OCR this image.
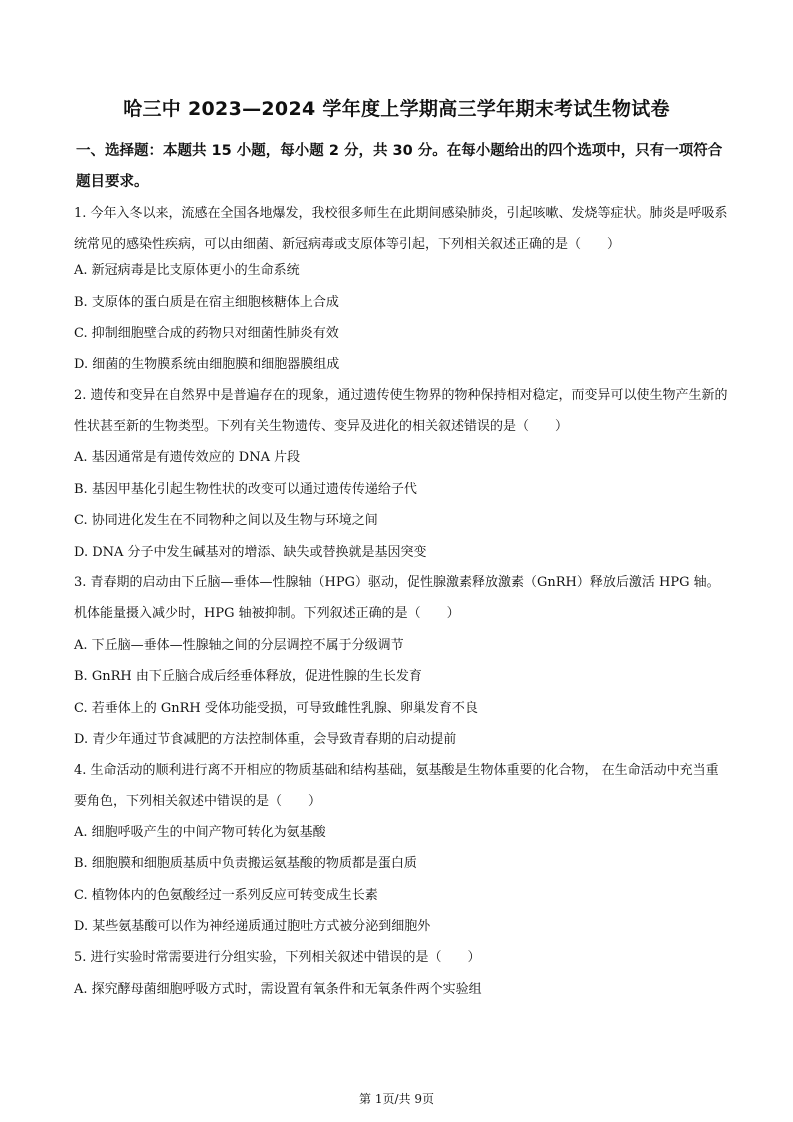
哈三中 2023—2024 学年度上学期高三学年期末考试生物试卷
一、选择题：本题共 15 小题，每小题 2 分，共 30 分。在每小题给出的四个选项中，只有一项符合题目要求。
1. 今年入冬以来，流感在全国各地爆发，我校很多师生在此期间感染肺炎，引起咳嗽、发烧等症状。肺炎是呼吸系统常见的感染性疾病，可以由细菌、新冠病毒或支原体等引起，下列相关叙述正确的是（　　）
A. 新冠病毒是比支原体更小的生命系统
B. 支原体的蛋白质是在宿主细胞核糖体上合成
C. 抑制细胞壁合成的药物只对细菌性肺炎有效
D. 细菌的生物膜系统由细胞膜和细胞器膜组成
2. 遗传和变异在自然界中是普遍存在的现象，通过遗传使生物界的物种保持相对稳定，而变异可以使生物产生新的性状甚至新的生物类型。下列有关生物遗传、变异及进化的相关叙述错误的是（　　）
A. 基因通常是有遗传效应的 DNA 片段
B. 基因甲基化引起生物性状的改变可以通过遗传传递给子代
C. 协同进化发生在不同物种之间以及生物与环境之间
D. DNA 分子中发生碱基对的增添、缺失或替换就是基因突变
3. 青春期的启动由下丘脑—垂体—性腺轴（HPG）驱动，促性腺激素释放激素（GnRH）释放后激活 HPG 轴。机体能量摄入减少时，HPG 轴被抑制。下列叙述正确的是（　　）
A. 下丘脑—垂体—性腺轴之间的分层调控不属于分级调节
B. GnRH 由下丘脑合成后经垂体释放，促进性腺的生长发育
C. 若垂体上的 GnRH 受体功能受损，可导致雌性乳腺、卵巢发育不良
D. 青少年通过节食减肥的方法控制体重，会导致青春期的启动提前
4. 生命活动的顺利进行离不开相应的物质基础和结构基础，氨基酸是生物体重要的化合物， 在生命活动中充当重要角色，下列相关叙述中错误的是（　　）
A. 细胞呼吸产生的中间产物可转化为氨基酸
B. 细胞膜和细胞质基质中负责搬运氨基酸的物质都是蛋白质
C. 植物体内的色氨酸经过一系列反应可转变成生长素
D. 某些氨基酸可以作为神经递质通过胞吐方式被分泌到细胞外
5. 进行实验时常需要进行分组实验，下列相关叙述中错误的是（　　）
A. 探究酵母菌细胞呼吸方式时，需设置有氧条件和无氧条件两个实验组
第 1页/共 9页
